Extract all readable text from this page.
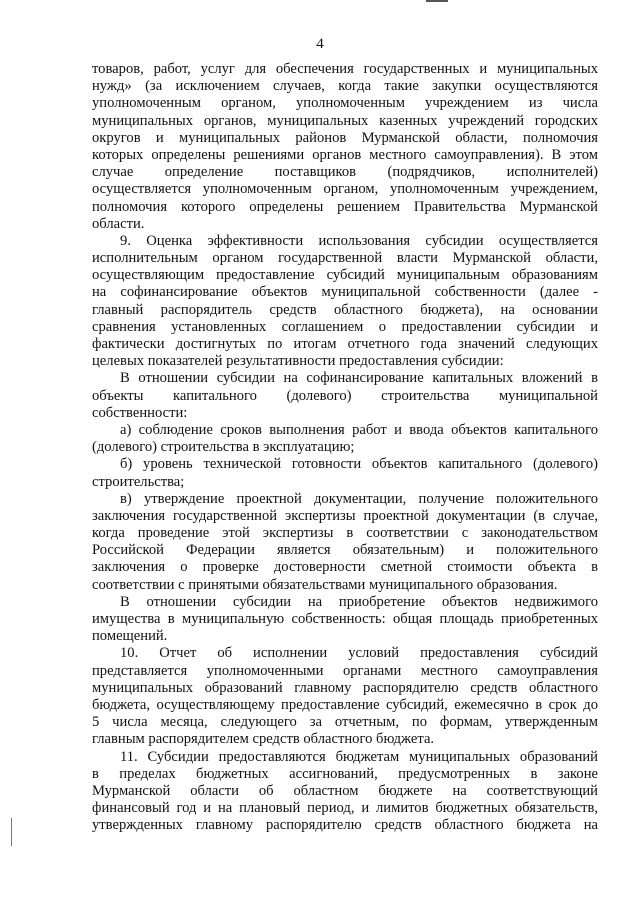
4
товаров, работ, услуг для обеспечения государственных и муниципальных
нужд» (за исключением случаев, когда такие закупки осуществляются
уполномоченным органом, уполномоченным учреждением из числа
муниципальных органов, муниципальных казенных учреждений городских
округов и муниципальных районов Мурманской области, полномочия
которых определены решениями органов местного самоуправления). В этом
случае определение поставщиков (подрядчиков, исполнителей)
осуществляется уполномоченным органом, уполномоченным учреждением,
полномочия которого определены решением Правительства Мурманской
области.
9. Оценка эффективности использования субсидии осуществляется
исполнительным органом государственной власти Мурманской области,
осуществляющим предоставление субсидий муниципальным образованиям
на софинансирование объектов муниципальной собственности (далее -
главный распорядитель средств областного бюджета), на основании
сравнения установленных соглашением о предоставлении субсидии и
фактически достигнутых по итогам отчетного года значений следующих
целевых показателей результативности предоставления субсидии:
В отношении субсидии на софинансирование капитальных вложений в
объекты капитального (долевого) строительства муниципальной
собственности:
а) соблюдение сроков выполнения работ и ввода объектов капитального
(долевого) строительства в эксплуатацию;
б) уровень технической готовности объектов капитального (долевого)
строительства;
в) утверждение проектной документации, получение положительного
заключения государственной экспертизы проектной документации (в случае,
когда проведение этой экспертизы в соответствии с законодательством
Российской Федерации является обязательным) и положительного
заключения о проверке достоверности сметной стоимости объекта в
соответствии с принятыми обязательствами муниципального образования.
В отношении субсидии на приобретение объектов недвижимого
имущества в муниципальную собственность: общая площадь приобретенных
помещений.
10. Отчет об исполнении условий предоставления субсидий
представляется уполномоченными органами местного самоуправления
муниципальных образований главному распорядителю средств областного
бюджета, осуществляющему предоставление субсидий, ежемесячно в срок до
5 числа месяца, следующего за отчетным, по формам, утвержденным
главным распорядителем средств областного бюджета.
11. Субсидии предоставляются бюджетам муниципальных образований
в пределах бюджетных ассигнований, предусмотренных в законе
Мурманской области об областном бюджете на соответствующий
финансовый год и на плановый период, и лимитов бюджетных обязательств,
утвержденных главному распорядителю средств областного бюджета на
